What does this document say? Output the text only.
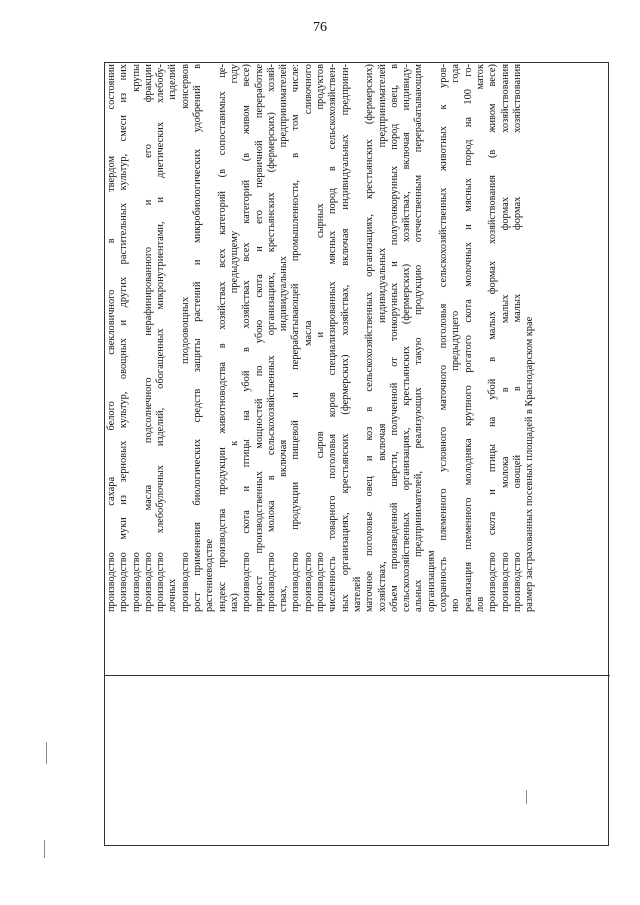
76
производство сахара белого свекловичного в твердом состоянии производство муки из зерновых культур, овощных и других растительных культур, смеси из них производство крупы производство масла подсолнечного нерафинированного и его фракции производство хлебобулочных изделий, обогащенных микронутриентами, и диетических хлебобу- лочных изделий производство плодоовощных консервов рост применения биологических средств защиты растений и микробиологических удобрений в растениеводстве индекс производства продукции животноводства в хозяйствах всех категорий (в сопоставимых це- нах) к предыдущему году производство скота и птицы на убой в хозяйствах всех категорий (в живом весе) прирост производственных мощностей по убою скота и его первичной переработке производство молока в сельскохозяйственных организациях, крестьянских (фермерских) хозяй- ствах, включая индивидуальных предпринимателей производство продукции пищевой и перерабатывающей промышленности, в том числе: производство масла сливочного производство сыров и сырных продуктов численность товарного поголовья коров специализированных мясных пород в сельскохозяйствен- ных организациях, крестьянских (фермерских) хозяйствах, включая индивидуальных предприни- мателей маточное поголовье овец и коз в сельскохозяйственных организациях, крестьянских (фермерских) хозяйствах, включая индивидуальных предпринимателей объем произведенной шерсти, полученной от тонкорунных и полутонкорунных пород овец, в сельскохозяйственных организациях, крестьянских (фермерских) хозяйствах, включая индивиду- альных предпринимателей, реализующих такую продукцию отечественным перерабатывающим организациям сохранность племенного условного маточного поголовья сельскохозяйственных животных к уров- ню предыдущего года реализация племенного молодняка крупного рогатого скота молочных и мясных пород на 100 го- лов маток производство скота и птицы на убой в малых формах хозяйствования (в живом весе) производство молока в малых формах хозяйствования производство овощей в малых формах хозяйствования размер застрахованных посевных площадей в Краснодарском крае
